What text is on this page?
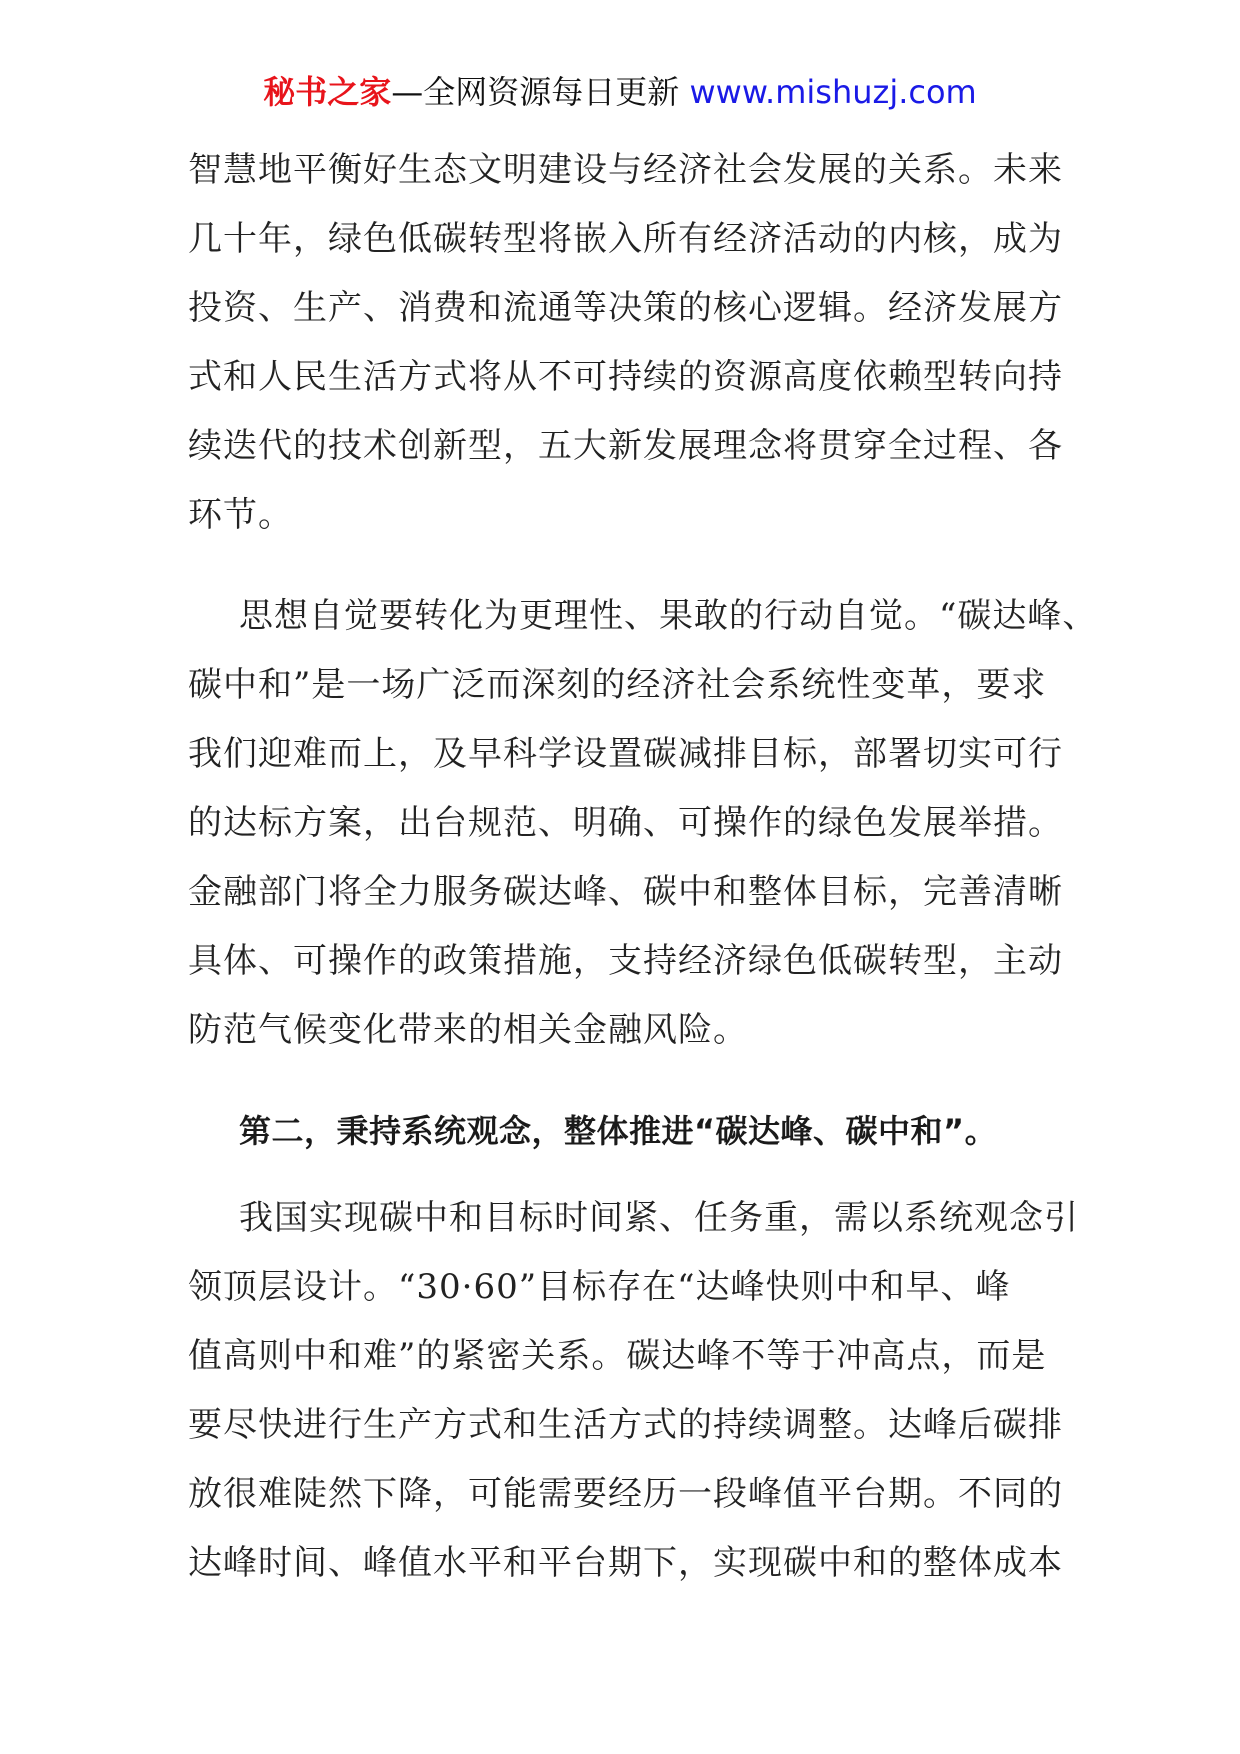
秘书之家—全网资源每日更新 www.mishuzj.com
智慧地平衡好生态文明建设与经济社会发展的关系。未来
几十年，绿色低碳转型将嵌入所有经济活动的内核，成为
投资、生产、消费和流通等决策的核心逻辑。经济发展方
式和人民生活方式将从不可持续的资源高度依赖型转向持
续迭代的技术创新型，五大新发展理念将贯穿全过程、各
环节。
思想自觉要转化为更理性、果敢的行动自觉。“碳达峰、
碳中和”是一场广泛而深刻的经济社会系统性变革，要求
我们迎难而上，及早科学设置碳减排目标，部署切实可行
的达标方案，出台规范、明确、可操作的绿色发展举措。
金融部门将全力服务碳达峰、碳中和整体目标，完善清晰
具体、可操作的政策措施，支持经济绿色低碳转型，主动
防范气候变化带来的相关金融风险。
第二，秉持系统观念，整体推进“碳达峰、碳中和”。
我国实现碳中和目标时间紧、任务重，需以系统观念引
领顶层设计。“30·60”目标存在“达峰快则中和早、峰
值高则中和难”的紧密关系。碳达峰不等于冲高点，而是
要尽快进行生产方式和生活方式的持续调整。达峰后碳排
放很难陡然下降，可能需要经历一段峰值平台期。不同的
达峰时间、峰值水平和平台期下，实现碳中和的整体成本
